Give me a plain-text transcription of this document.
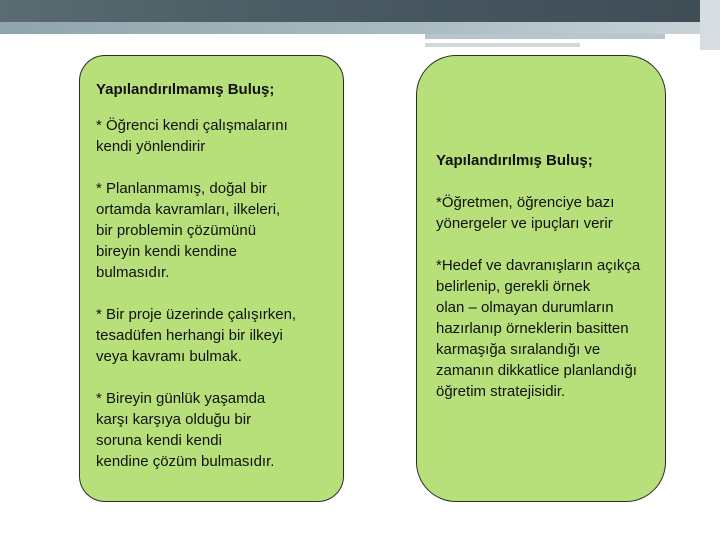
Yapılandırılmamış Buluş;

* Öğrenci kendi çalışmalarını
kendi yönlendirir

* Planlanmamış, doğal bir
ortamda kavramları, ilkeleri,
bir problemin çözümünü
bireyin kendi kendine
bulmasıdır.

* Bir proje üzerinde çalışırken,
tesadüfen herhangi bir ilkeyi
veya kavramı bulmak.

* Bireyin günlük yaşamda
karşı karşıya olduğu bir
soruna kendi kendi
kendine çözüm bulmasıdır.

Yapılandırılmış Buluş;

*Öğretmen, öğrenciye bazı
yönergeler ve ipuçları verir

*Hedef ve davranışların açıkça
belirlenip, gerekli örnek
olan – olmayan durumların
hazırlanıp örneklerin basitten
karmaşığa sıralandığı ve
zamanın dikkatlice planlandığı
öğretim stratejisidir.
